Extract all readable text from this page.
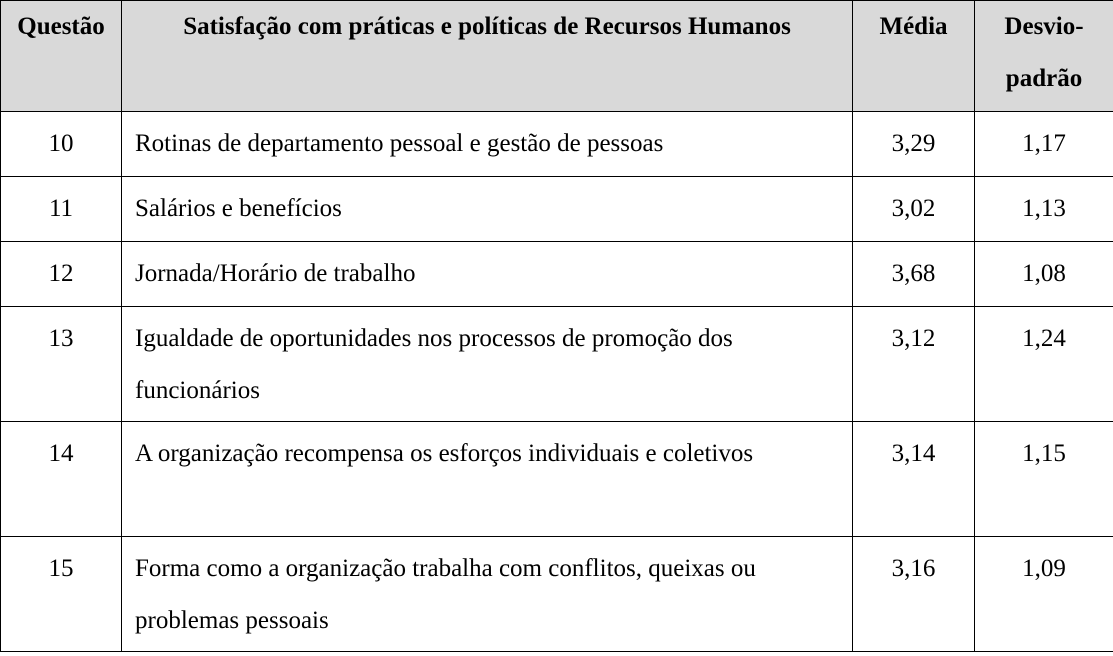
Questão	Satisfação com práticas e políticas de Recursos Humanos	Média	Desvio-padrão
10	Rotinas de departamento pessoal e gestão de pessoas	3,29	1,17
11	Salários e benefícios	3,02	1,13
12	Jornada/Horário de trabalho	3,68	1,08
13	Igualdade de oportunidades nos processos de promoção dos funcionários	3,12	1,24
14	A organização recompensa os esforços individuais e coletivos	3,14	1,15
15	Forma como a organização trabalha com conflitos, queixas ou problemas pessoais	3,16	1,09
